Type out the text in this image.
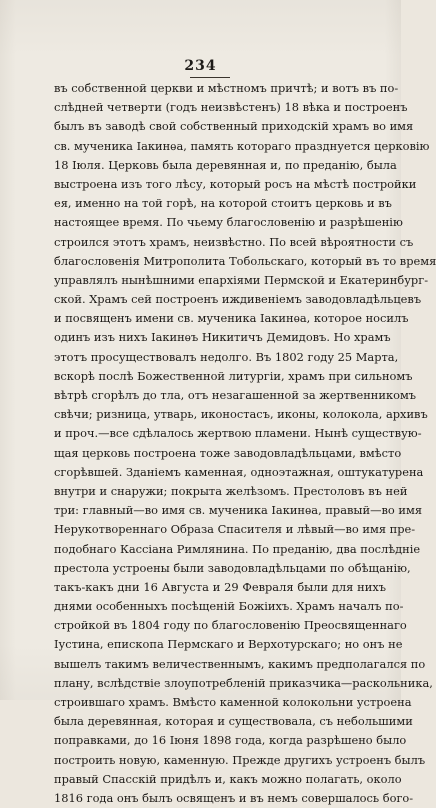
234
въ собственной церкви и мѣстномъ причтѣ; и вотъ въ по-
слѣдней четверти (годъ неизвѣстенъ) 18 вѣка и построенъ
былъ въ заводѣ свой собственный приходскій храмъ во имя
св. мученика Іакинѳа, память котораго празднуется церковію
18 Іюля. Церковь была деревянная и, по преданію, была
выстроена изъ того лѣсу, который росъ на мѣстѣ постройки
ея, именно на той горѣ, на которой стоитъ церковь и въ
настоящее время. По чьему благословенію и разрѣшенію
строился этотъ храмъ, неизвѣстно. По всей вѣроятности съ
благословенія Митрополита Тобольскаго, который въ то время
управлялъ нынѣшними епархіями Пермской и Екатеринбург-
ской. Храмъ сей построенъ иждивеніемъ заводовладѣльцевъ
и посвященъ имени св. мученика Іакинѳа, которое носилъ
одинъ изъ нихъ Іакинѳъ Никитичъ Демидовъ. Но храмъ
этотъ просуществовалъ недолго. Въ 1802 году 25 Марта,
вскорѣ послѣ Божественной литургіи, храмъ при сильномъ
вѣтрѣ сгорѣлъ до тла, отъ незагашенной за жертвенникомъ
свѣчи; ризница, утварь, иконостасъ, иконы, колокола, архивъ
и проч.—все сдѣлалось жертвою пламени. Нынѣ существую-
щая церковь построена тоже заводовладѣльцами, вмѣсто
сгорѣвшей. Зданіемъ каменная, одноэтажная, оштукатурена
внутри и снаружи; покрыта желѣзомъ. Престоловъ въ ней
три: главный—во имя св. мученика Іакинѳа, правый—во имя
Нерукотвореннаго Образа Спасителя и лѣвый—во имя пре-
подобнаго Кассіана Римлянина. По преданію, два послѣдніе
престола устроены были заводовладѣльцами по обѣщанію,
такъ-какъ дни 16 Августа и 29 Февраля были для нихъ
днями особенныхъ посѣщеній Божіихъ. Храмъ началъ по-
стройкой въ 1804 году по благословенію Преосвященнаго
Іустина, епископа Пермскаго и Верхотурскаго; но онъ не
вышелъ такимъ величественнымъ, какимъ предполагался по
плану, вслѣдствіе злоупотребленій приказчика—раскольника,
строившаго храмъ. Вмѣсто каменной колокольни устроена
была деревянная, которая и существовала, съ небольшими
поправками, до 16 Іюня 1898 года, когда разрѣшено было
построить новую, каменную. Прежде другихъ устроенъ былъ
правый Спасскій придѣлъ и, какъ можно полагать, около
1816 года онъ былъ освященъ и въ немъ совершалось бого-
